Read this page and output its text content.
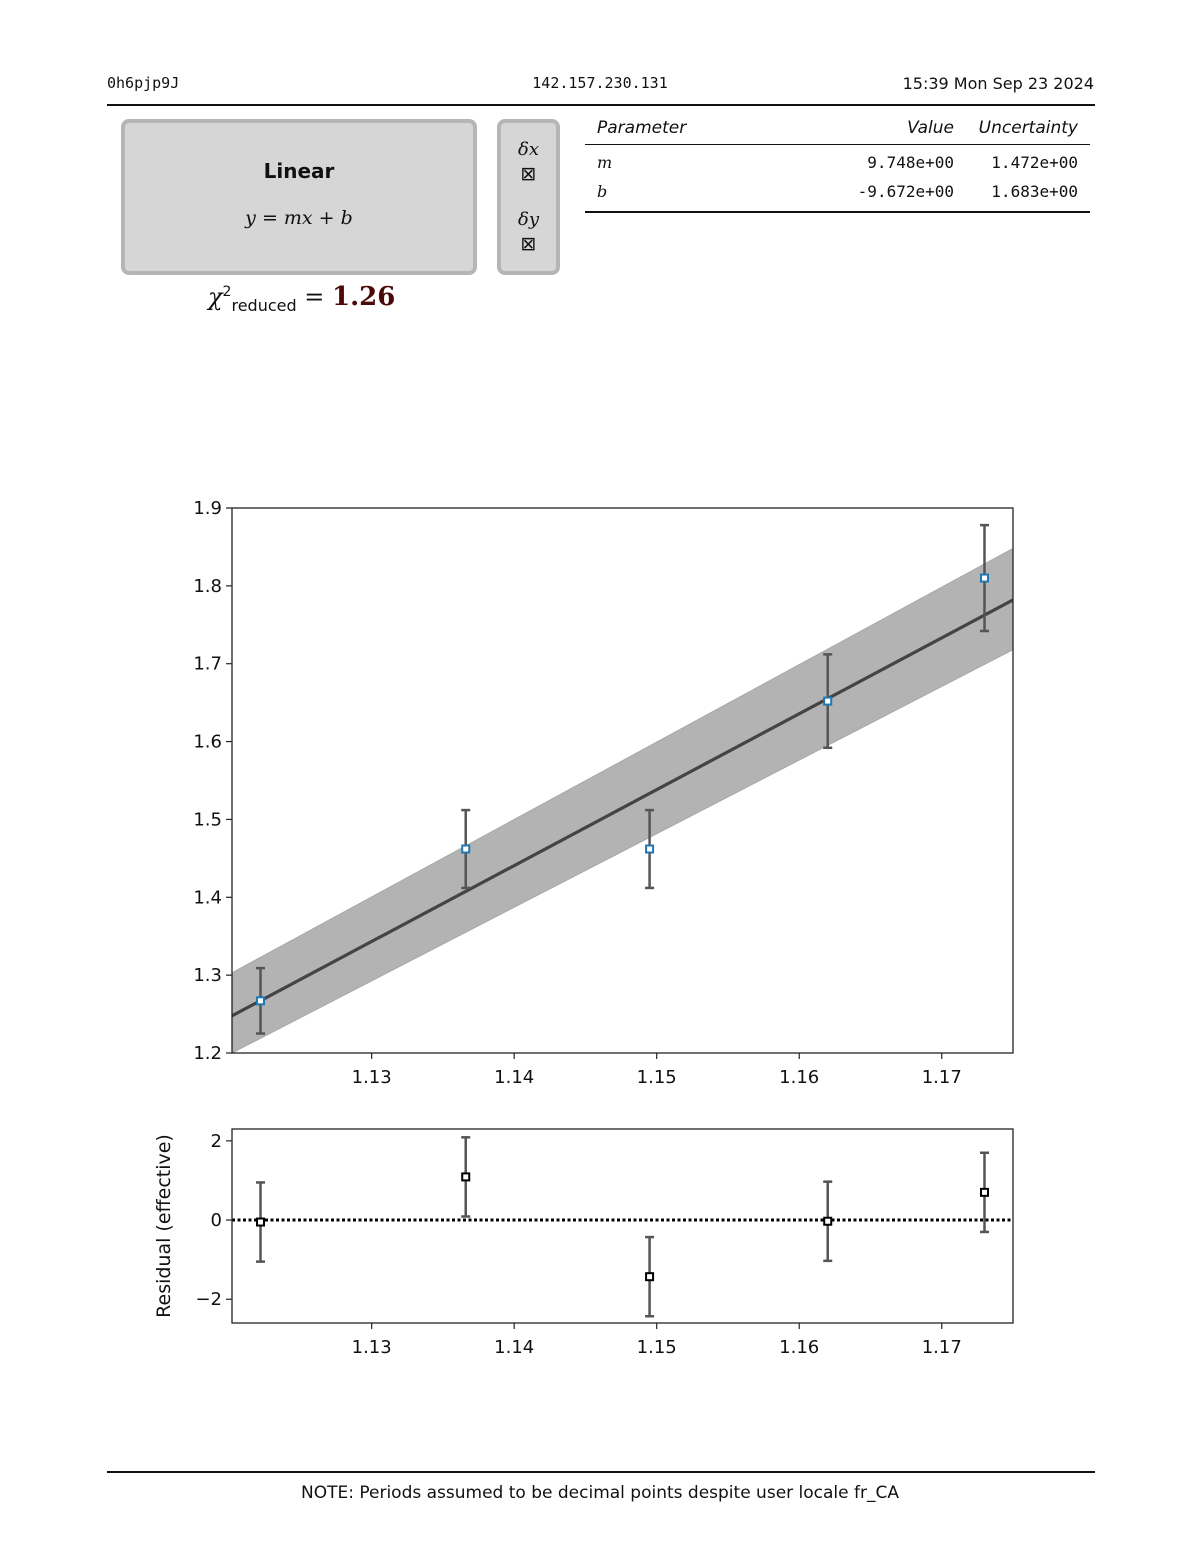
0h6pjp9J	142.157.230.131	15:39 Mon Sep 23 2024
Linear
y = mx + b
δx
⊠
δy
⊠
$\chi^2_{reduced} = 1.26$
Parameter	Value	Uncertainty
m	9.748e+00	1.472e+00
b	-9.672e+00	1.683e+00
1.13	1.14	1.15	1.16	1.17
1.2
1.3
1.4
1.5
1.6
1.7
1.8
1.9
1.13	1.14	1.15	1.16	1.17
−2
0
2
Residual (effective)
NOTE: Periods assumed to be decimal points despite user locale fr_CA
